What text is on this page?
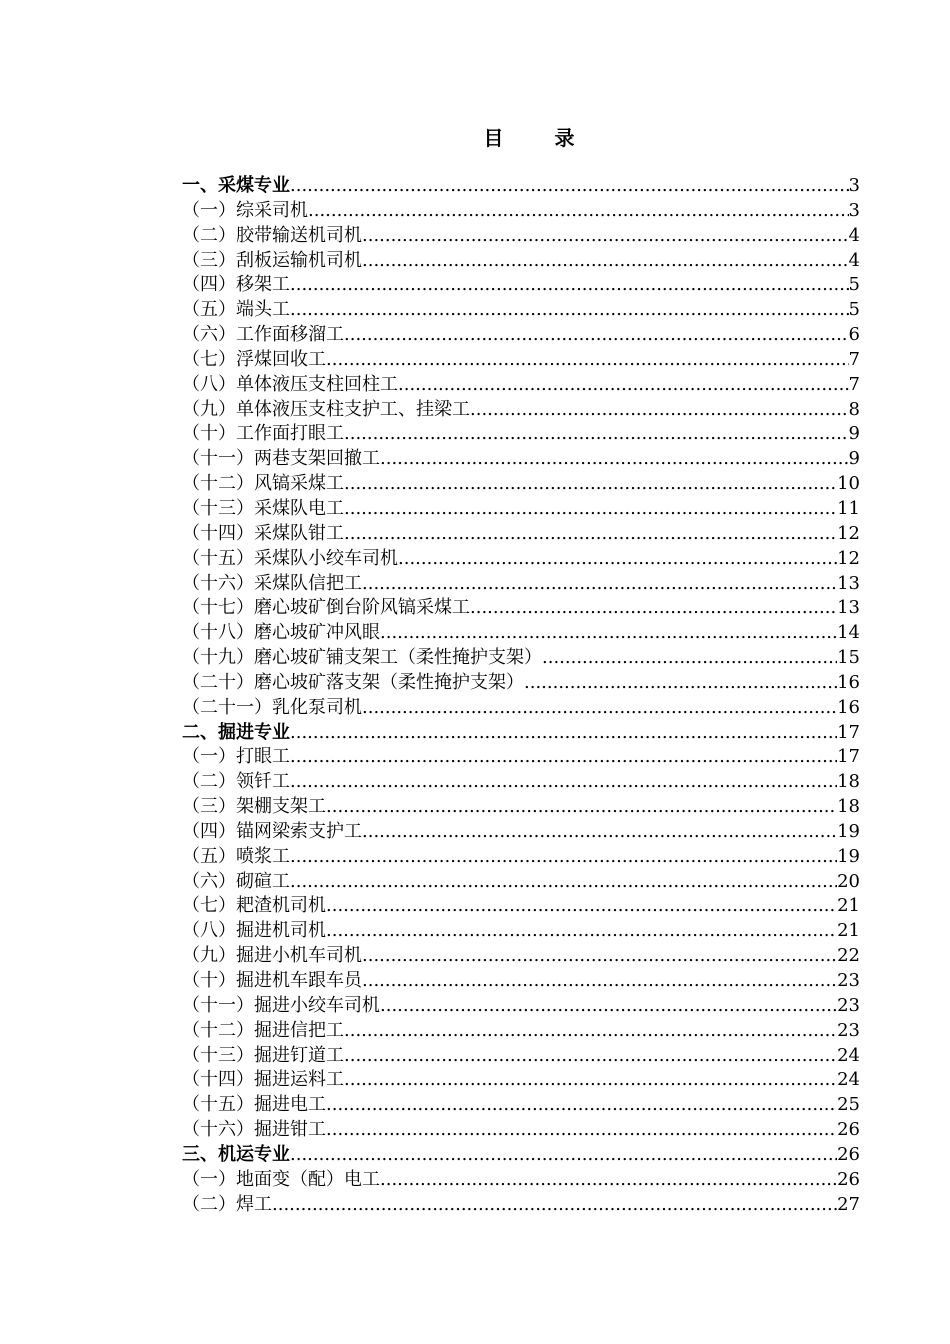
目 录
一、采煤专业 .....	3
（一）综采司机 .....	3
（二）胶带输送机司机 .....	4
（三）刮板运输机司机 .....	4
（四）移架工 .....	5
（五）端头工 .....	5
（六）工作面移溜工 .....	6
（七）浮煤回收工 .....	7
（八）单体液压支柱回柱工 .....	7
（九）单体液压支柱支护工、挂梁工 .....	8
（十）工作面打眼工 .....	9
（十一）两巷支架回撤工 .....	9
（十二）风镐采煤工 .....	10
（十三）采煤队电工 .....	11
（十四）采煤队钳工 .....	12
（十五）采煤队小绞车司机 .....	12
（十六）采煤队信把工 .....	13
（十七）磨心坡矿倒台阶风镐采煤工 .....	13
（十八）磨心坡矿冲风眼 .....	14
（十九）磨心坡矿铺支架工（柔性掩护支架） .....	15
（二十）磨心坡矿落支架（柔性掩护支架） .....	16
（二十一）乳化泵司机 .....	16
二、掘进专业 .....	17
（一）打眼工 .....	17
（二）领钎工 .....	18
（三）架棚支架工 .....	18
（四）锚网梁索支护工 .....	19
（五）喷浆工 .....	19
（六）砌碹工 .....	20
（七）耙渣机司机 .....	21
（八）掘进机司机 .....	21
（九）掘进小机车司机 .....	22
（十）掘进机车跟车员 .....	23
（十一）掘进小绞车司机 .....	23
（十二）掘进信把工 .....	23
（十三）掘进钉道工 .....	24
（十四）掘进运料工 .....	24
（十五）掘进电工 .....	25
（十六）掘进钳工 .....	26
三、机运专业 .....	26
（一）地面变（配）电工 .....	26
（二）焊工 .....	27
